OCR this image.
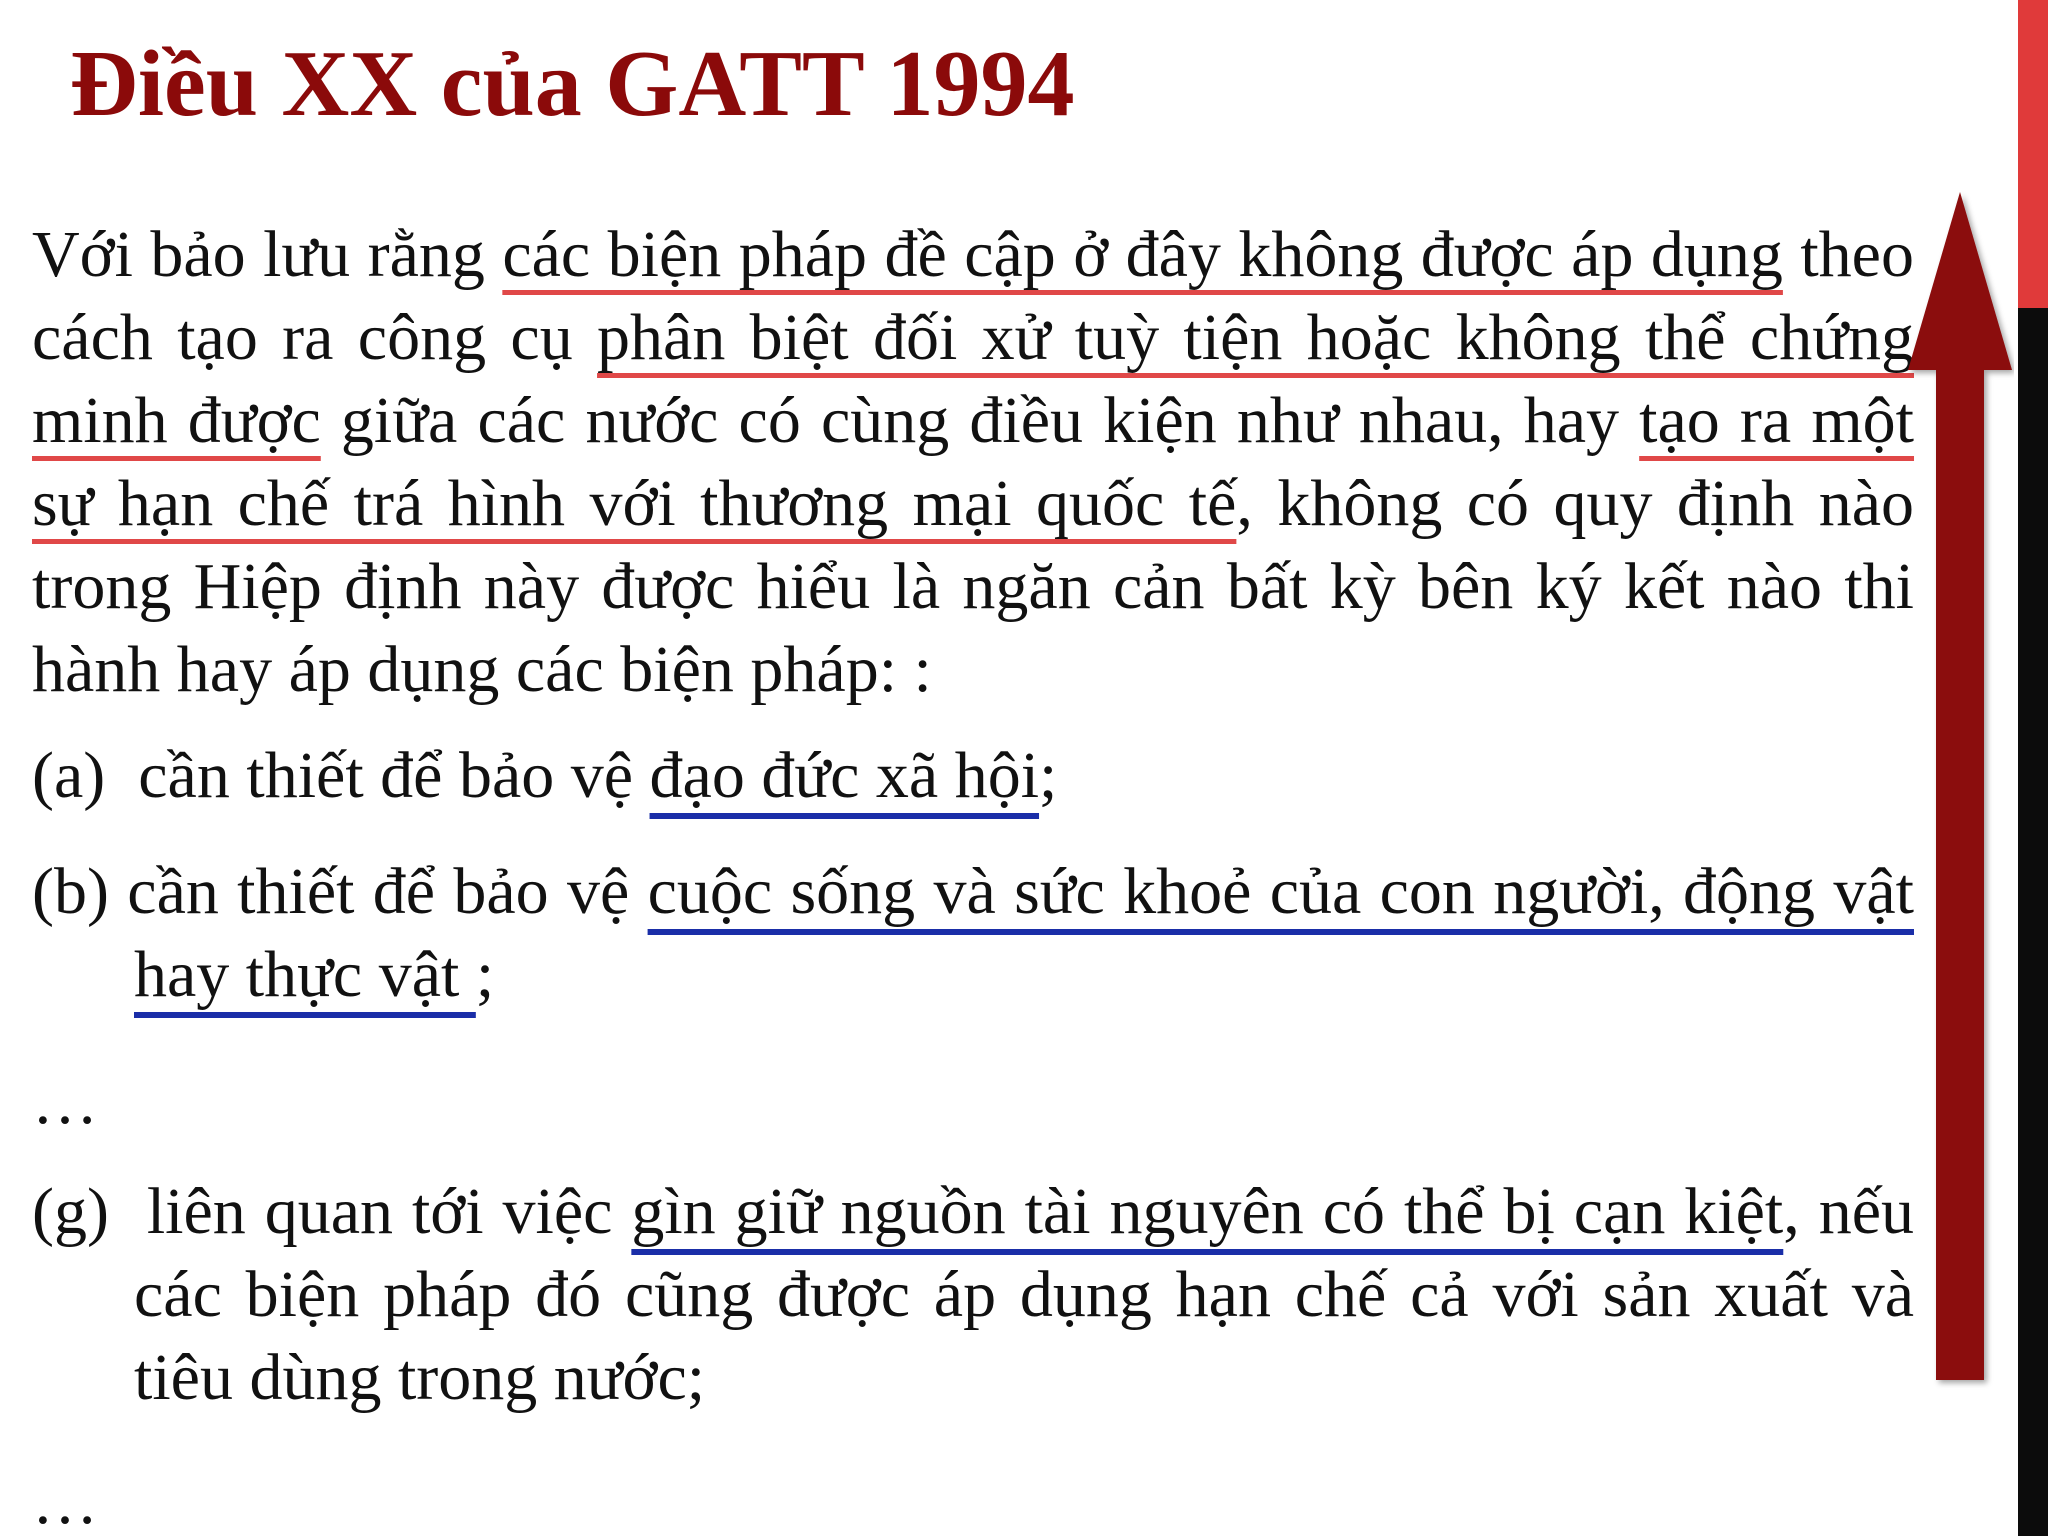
Điều XX của GATT 1994

Với bảo lưu rằng các biện pháp đề cập ở đây không được áp dụng theo cách tạo ra công cụ phân biệt đối xử tuỳ tiện hoặc không thể chứng minh được giữa các nước có cùng điều kiện như nhau, hay tạo ra một sự hạn chế trá hình với thương mại quốc tế, không có quy định nào trong Hiệp định này được hiểu là ngăn cản bất kỳ bên ký kết nào thi hành hay áp dụng các biện pháp: :

(a) cần thiết để bảo vệ đạo đức xã hội;

(b) cần thiết để bảo vệ cuộc sống và sức khoẻ của con người, động vật hay thực vật ;

…

(g) liên quan tới việc gìn giữ nguồn tài nguyên có thể bị cạn kiệt, nếu các biện pháp đó cũng được áp dụng hạn chế cả với sản xuất và tiêu dùng trong nước;

…
